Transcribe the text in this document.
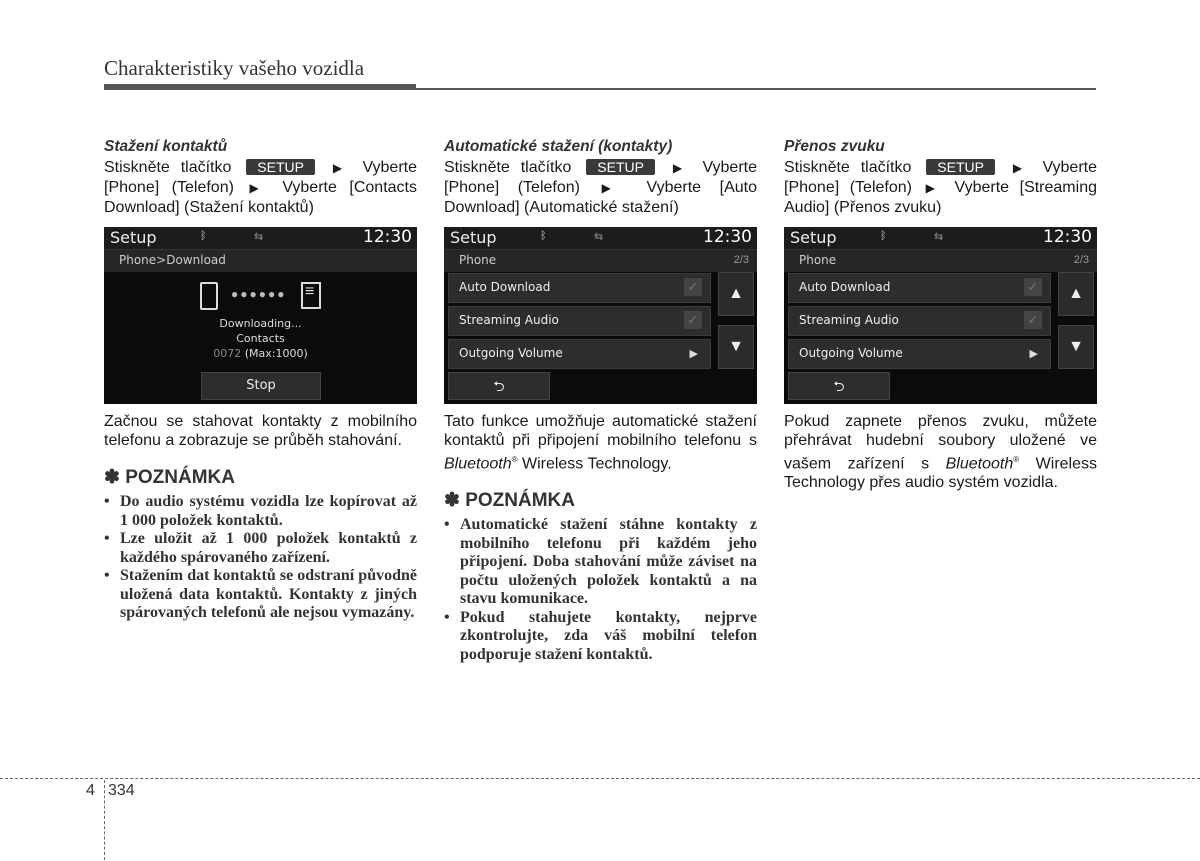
Charakteristiky vašeho vozidla

Stažení kontaktů

Stiskněte tlačítko SETUP ▶ Vyberte [Phone] (Telefon) ▶ Vyberte [Contacts Download] (Stažení kontaktů)

Setup	ᛒ	⇆	12:30
Phone>Download
●●●●●●
≡
Downloading...
Contacts
0072 (Max:1000)
Stop

Začnou se stahovat kontakty z mobilního telefonu a zobrazuje se průběh stahování.

✽ POZNÁMKA
• Do audio systému vozidla lze kopírovat až 1 000 položek kontaktů.
• Lze uložit až 1 000 položek kontaktů z každého spárovaného zařízení.
• Stažením dat kontaktů se odstraní původně uložená data kontaktů. Kontakty z jiných spárovaných telefonů ale nejsou vymazány.

Automatické stažení (kontakty)

Stiskněte tlačítko SETUP ▶ Vyberte [Phone] (Telefon) ▶ Vyberte [Auto Download] (Automatické stažení)

Setup	ᛒ	⇆	12:30
Phone	2/3
Auto Download	✓
Streaming Audio	✓
Outgoing Volume	▶
▲
▼
⮌

Tato funkce umožňuje automatické stažení kontaktů při připojení mobilního telefonu s Bluetooth® Wireless Technology.

✽ POZNÁMKA
• Automatické stažení stáhne kontakty z mobilního telefonu při každém jeho připojení. Doba stahování může záviset na počtu uložených položek kontaktů a na stavu komunikace.
• Pokud stahujete kontakty, nejprve zkontrolujte, zda váš mobilní telefon podporuje stažení kontaktů.

Přenos zvuku

Stiskněte tlačítko SETUP ▶ Vyberte [Phone] (Telefon) ▶ Vyberte [Streaming Audio] (Přenos zvuku)

Setup	ᛒ	⇆	12:30
Phone	2/3
Auto Download	✓
Streaming Audio	✓
Outgoing Volume	▶
▲
▼
⮌

Pokud zapnete přenos zvuku, můžete přehrávat hudební soubory uložené ve vašem zařízení s Bluetooth® Wireless Technology přes audio systém vozidla.

4 334
